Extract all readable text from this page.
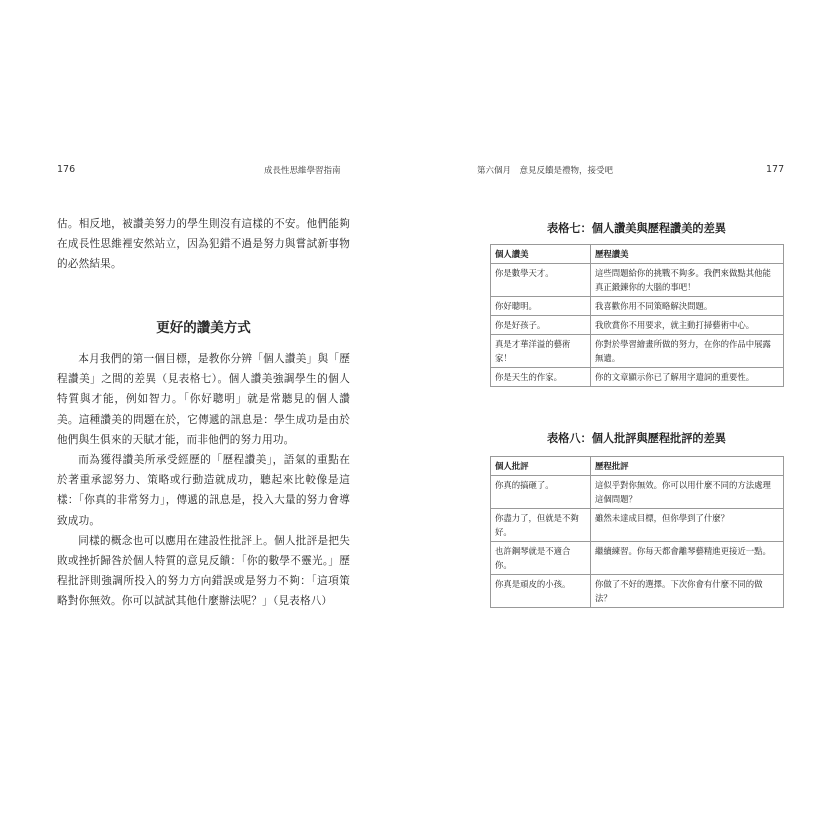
176	成長性思維學習指南

估。相反地，被讚美努力的學生則沒有這樣的不安。他們能夠在成長性思維裡安然站立，因為犯錯不過是努力與嘗試新事物的必然結果。

更好的讚美方式

本月我們的第一個目標，是教你分辨「個人讚美」與「歷程讚美」之間的差異（見表格七）。個人讚美強調學生的個人特質與才能，例如智力。「你好聰明」就是常聽見的個人讚美。這種讚美的問題在於，它傳遞的訊息是：學生成功是由於他們與生俱來的天賦才能，而非他們的努力用功。

而為獲得讚美所承受經歷的「歷程讚美」，語氣的重點在於著重承認努力、策略或行動造就成功，聽起來比較像是這樣：「你真的非常努力」，傳遞的訊息是，投入大量的努力會導致成功。

同樣的概念也可以應用在建設性批評上。個人批評是把失敗或挫折歸咎於個人特質的意見反饋：「你的數學不靈光。」歷程批評則強調所投入的努力方向錯誤或是努力不夠：「這項策略對你無效。你可以試試其他什麼辦法呢？」（見表格八）

第六個月　意見反饋是禮物，接受吧	177
表格七：個人讚美與歷程讚美的差異
個人讚美	歷程讚美
你是數學天才。	這些問題給你的挑戰不夠多。我們來做點其他能真正鍛鍊你的大腦的事吧！
你好聰明。	我喜歡你用不同策略解決問題。
你是好孩子。	我欣賞你不用要求，就主動打掃藝術中心。
真是才華洋溢的藝術家！	你對於學習繪畫所做的努力，在你的作品中展露無遺。
你是天生的作家。	你的文章顯示你已了解用字遣詞的重要性。
表格八：個人批評與歷程批評的差異
個人批評	歷程批評
你真的搞砸了。	這似乎對你無效。你可以用什麼不同的方法處理這個問題？
你盡力了，但就是不夠好。	雖然未達成目標，但你學到了什麼？
也許鋼琴就是不適合你。	繼續練習。你每天都會離琴藝精進更接近一點。
你真是頑皮的小孩。	你做了不好的選擇。下次你會有什麼不同的做法？
